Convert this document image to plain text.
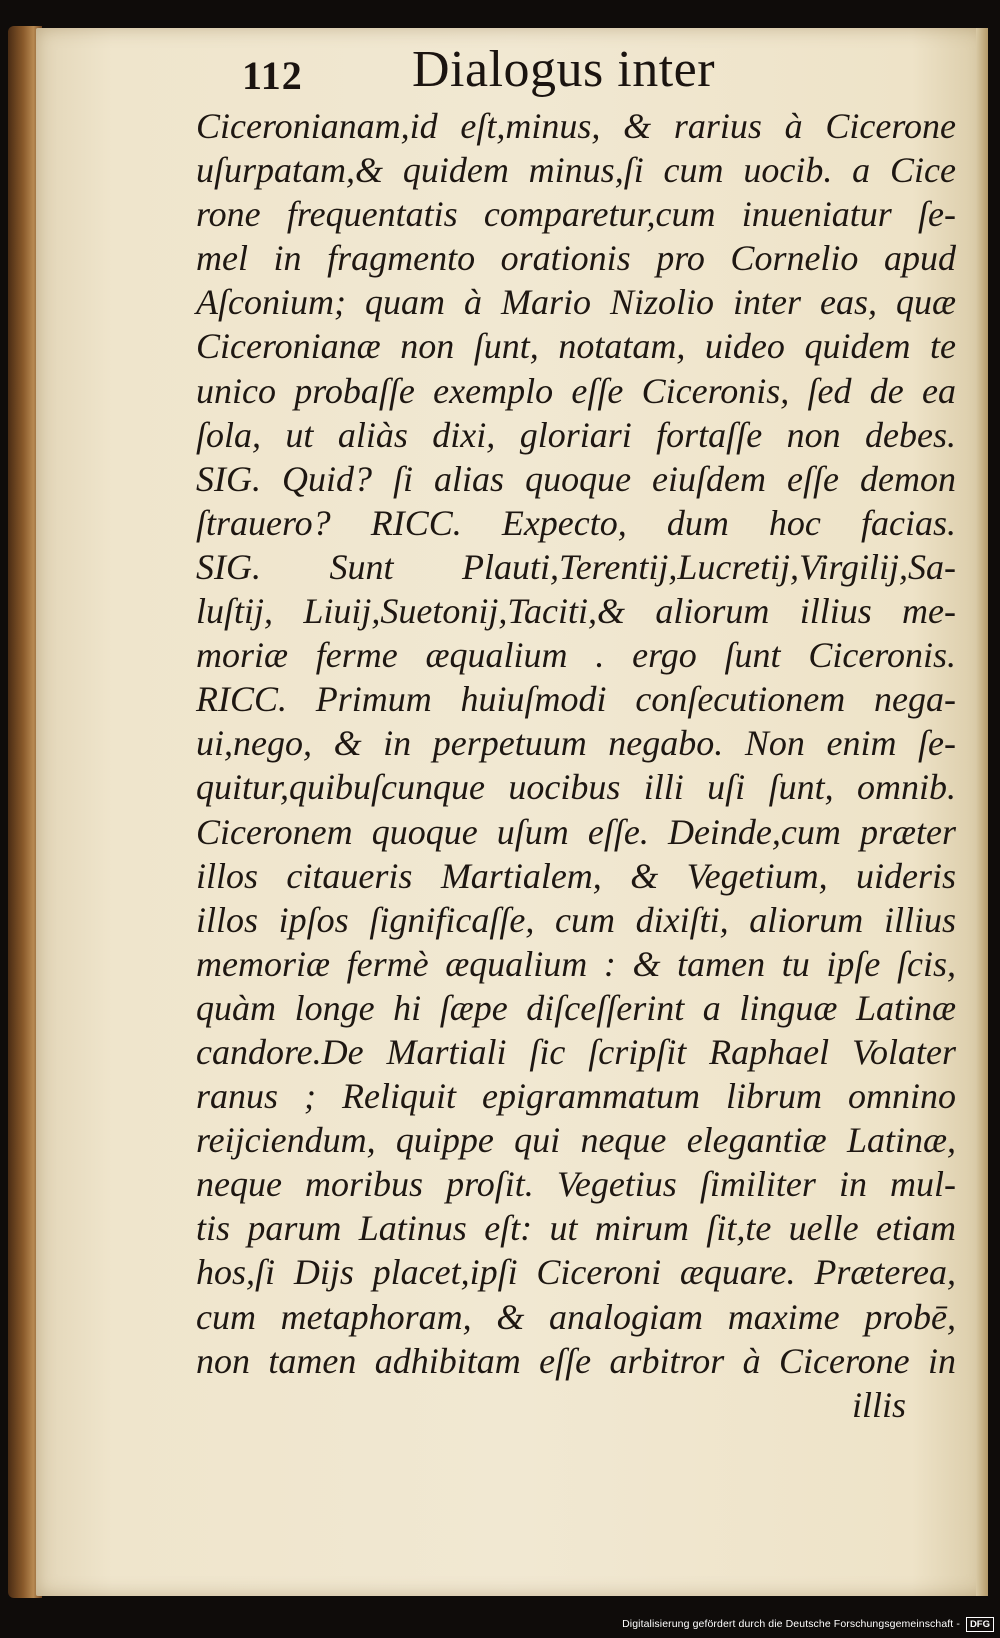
112 Dialogus inter
Ciceronianam,id eſt,minus, & rarius à Cicerone
uſurpatam,& quidem minus,ſi cum uocib. a Cice
rone frequentatis comparetur,cum inueniatur ſe-
mel in fragmento orationis pro Cornelio apud
Aſconium; quam à Mario Nizolio inter eas, quæ
Ciceronianæ non ſunt, notatam, uideo quidem te
unico probaſſe exemplo eſſe Ciceronis, ſed de ea
ſola, ut aliàs dixi, gloriari fortaſſe non debes.
SIG. Quid? ſi alias quoque eiuſdem eſſe demon
ſtrauero? RICC. Expecto, dum hoc facias.
SIG. Sunt Plauti,Terentij,Lucretij,Virgilij,Sa-
luſtij, Liuij,Suetonij,Taciti,& aliorum illius me-
moriæ ferme æqualium . ergo ſunt Ciceronis.
RICC. Primum huiuſmodi conſecutionem nega-
ui,nego, & in perpetuum negabo. Non enim ſe-
quitur,quibuſcunque uocibus illi uſi ſunt, omnib.
Ciceronem quoque uſum eſſe. Deinde,cum præter
illos citaueris Martialem, & Vegetium, uideris
illos ipſos ſignificaſſe, cum dixiſti, aliorum illius
memoriæ fermè æqualium : & tamen tu ipſe ſcis,
quàm longe hi ſæpe diſceſſerint a linguæ Latinæ
candore.De Martiali ſic ſcripſit Raphael Volater
ranus ; Reliquit epigrammatum librum omnino
reijciendum, quippe qui neque elegantiæ Latinæ,
neque moribus proſit. Vegetius ſimiliter in mul-
tis parum Latinus eſt: ut mirum ſit,te uelle etiam
hos,ſi Dijs placet,ipſi Ciceroni æquare. Præterea,
cum metaphoram, & analogiam maxime probē,
non tamen adhibitam eſſe arbitror à Cicerone in
illis
Digitalisierung gefördert durch die Deutsche Forschungsgemeinschaft -	DFG
